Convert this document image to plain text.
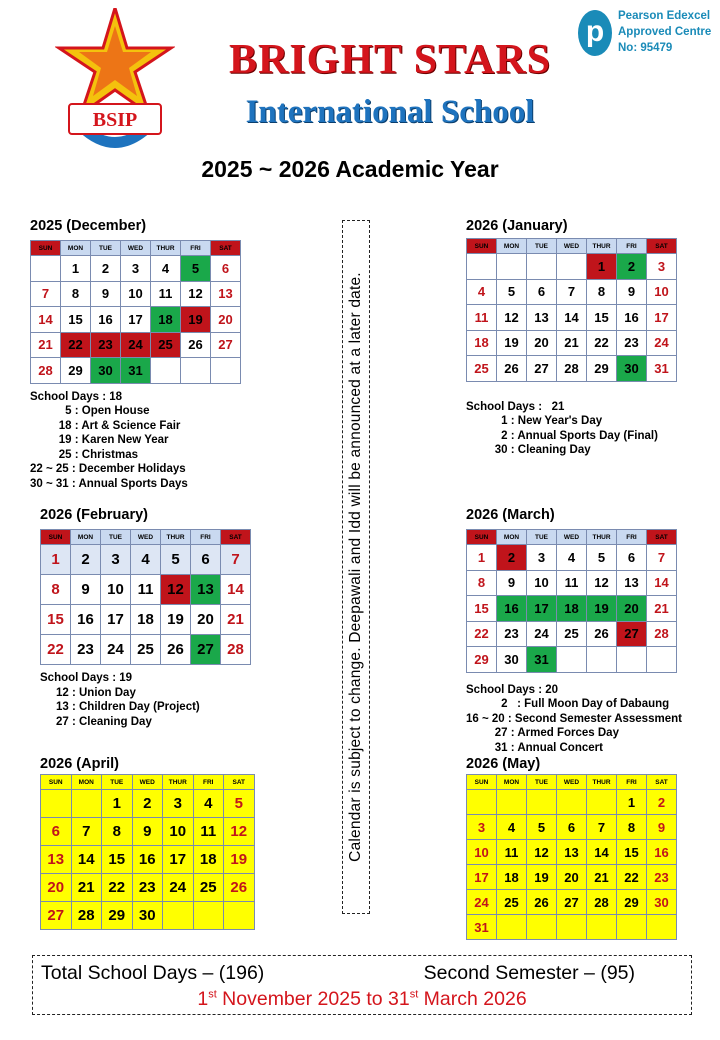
BSIP
BRIGHT STARS
International School
p	Pearson Edexcel
Approved Centre
No: 95479
2025 ~ 2026 Academic Year
Calendar is subject to change. Deepawali and Idd will be announced at a later date.
2025 (December)
SUN	MON	TUE	WED	THUR	FRI	SAT
	1	2	3	4	5	6
7	8	9	10	11	12	13
14	15	16	17	18	19	20
21	22	23	24	25	26	27
28	29	30	31			
School Days : 18
5 : Open House
18 : Art & Science Fair
19 : Karen New Year
25 : Christmas
22 ~ 25 : December Holidays
30 ~ 31 : Annual Sports Days
2026 (January)
SUN	MON	TUE	WED	THUR	FRI	SAT
				1	2	3
4	5	6	7	8	9	10
11	12	13	14	15	16	17
18	19	20	21	22	23	24
25	26	27	28	29	30	31
School Days :   21
1 : New Year's Day
2 : Annual Sports Day (Final)
30 : Cleaning Day
2026 (February)
SUN	MON	TUE	WED	THUR	FRI	SAT
1	2	3	4	5	6	7
8	9	10	11	12	13	14
15	16	17	18	19	20	21
22	23	24	25	26	27	28
School Days : 19
12 : Union Day
13 : Children Day (Project)
27 : Cleaning Day
2026 (March)
SUN	MON	TUE	WED	THUR	FRI	SAT
1	2	3	4	5	6	7
8	9	10	11	12	13	14
15	16	17	18	19	20	21
22	23	24	25	26	27	28
29	30	31				
School Days : 20
2   : Full Moon Day of Dabaung
16 ~ 20 : Second Semester Assessment
27 : Armed Forces Day
31 : Annual Concert
2026 (April)
SUN	MON	TUE	WED	THUR	FRI	SAT
		1	2	3	4	5
6	7	8	9	10	11	12
13	14	15	16	17	18	19
20	21	22	23	24	25	26
27	28	29	30			
2026 (May)
SUN	MON	TUE	WED	THUR	FRI	SAT
					1	2
3	4	5	6	7	8	9
10	11	12	13	14	15	16
17	18	19	20	21	22	23
24	25	26	27	28	29	30
31						
Total School Days – (196)	Second Semester – (95)
1st November 2025 to 31st March 2026
